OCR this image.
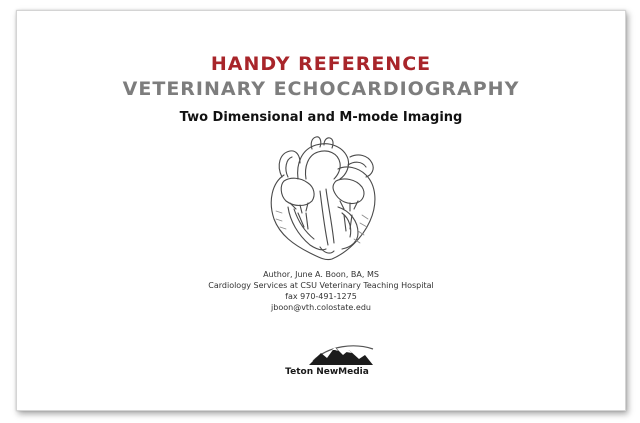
HANDY REFERENCE
VETERINARY ECHOCARDIOGRAPHY
Two Dimensional and M-mode Imaging
Author, June A. Boon, BA, MS
Cardiology Services at CSU Veterinary Teaching Hospital
fax 970-491-1275
jboon@vth.colostate.edu
Teton NewMedia
